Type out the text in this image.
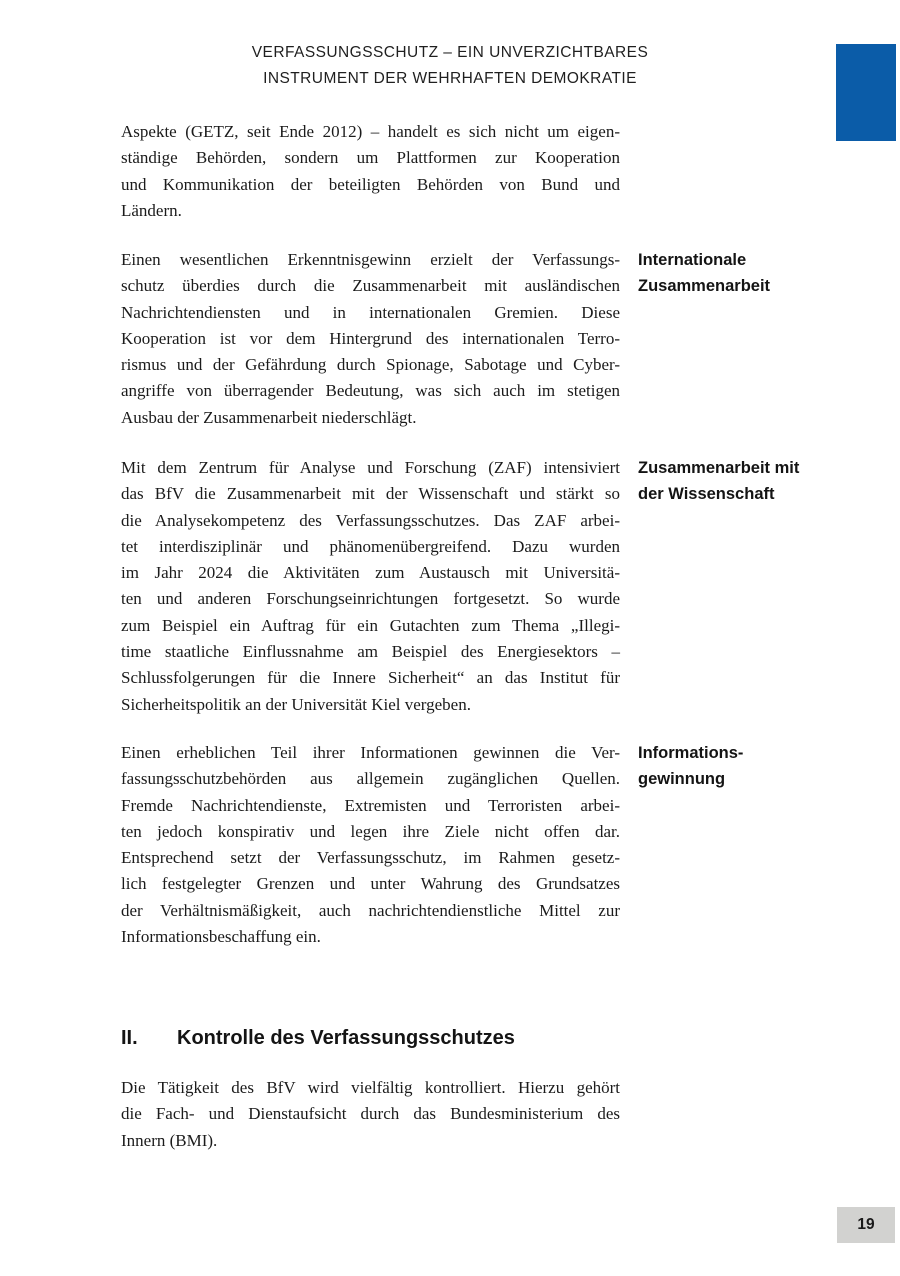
VERFASSUNGSSCHUTZ – EIN UNVERZICHTBARES
INSTRUMENT DER WEHRHAFTEN DEMOKRATIE
Aspekte (GETZ, seit Ende 2012) – handelt es sich nicht um eigen-
ständige Behörden, sondern um Plattformen zur Kooperation
und Kommunikation der beteiligten Behörden von Bund und
Ländern.
Einen wesentlichen Erkenntnisgewinn erzielt der Verfassungs-
schutz überdies durch die Zusammenarbeit mit ausländischen
Nachrichtendiensten und in internationalen Gremien. Diese
Kooperation ist vor dem Hintergrund des internationalen Terro-
rismus und der Gefährdung durch Spionage, Sabotage und Cyber-
angriffe von überragender Bedeutung, was sich auch im stetigen
Ausbau der Zusammenarbeit niederschlägt.
Internationale
Zusammenarbeit
Mit dem Zentrum für Analyse und Forschung (ZAF) intensiviert
das BfV die Zusammenarbeit mit der Wissenschaft und stärkt so
die Analysekompetenz des Verfassungsschutzes. Das ZAF arbei-
tet interdisziplinär und phänomenübergreifend. Dazu wurden
im Jahr 2024 die Aktivitäten zum Austausch mit Universitä-
ten und anderen Forschungseinrichtungen fortgesetzt. So wurde
zum Beispiel ein Auftrag für ein Gutachten zum Thema „Illegi-
time staatliche Einflussnahme am Beispiel des Energiesektors –
Schlussfolgerungen für die Innere Sicherheit“ an das Institut für
Sicherheitspolitik an der Universität Kiel vergeben.
Zusammenarbeit mit
der Wissenschaft
Einen erheblichen Teil ihrer Informationen gewinnen die Ver-
fassungsschutzbehörden aus allgemein zugänglichen Quellen.
Fremde Nachrichtendienste, Extremisten und Terroristen arbei-
ten jedoch konspirativ und legen ihre Ziele nicht offen dar.
Entsprechend setzt der Verfassungsschutz, im Rahmen gesetz-
lich festgelegter Grenzen und unter Wahrung des Grundsatzes
der Verhältnismäßigkeit, auch nachrichtendienstliche Mittel zur
Informationsbeschaffung ein.
Informations-
gewinnung
Die Tätigkeit des BfV wird vielfältig kontrolliert. Hierzu gehört
die Fach- und Dienstaufsicht durch das Bundesministerium des
Innern (BMI).
II. Kontrolle des Verfassungsschutzes
19
